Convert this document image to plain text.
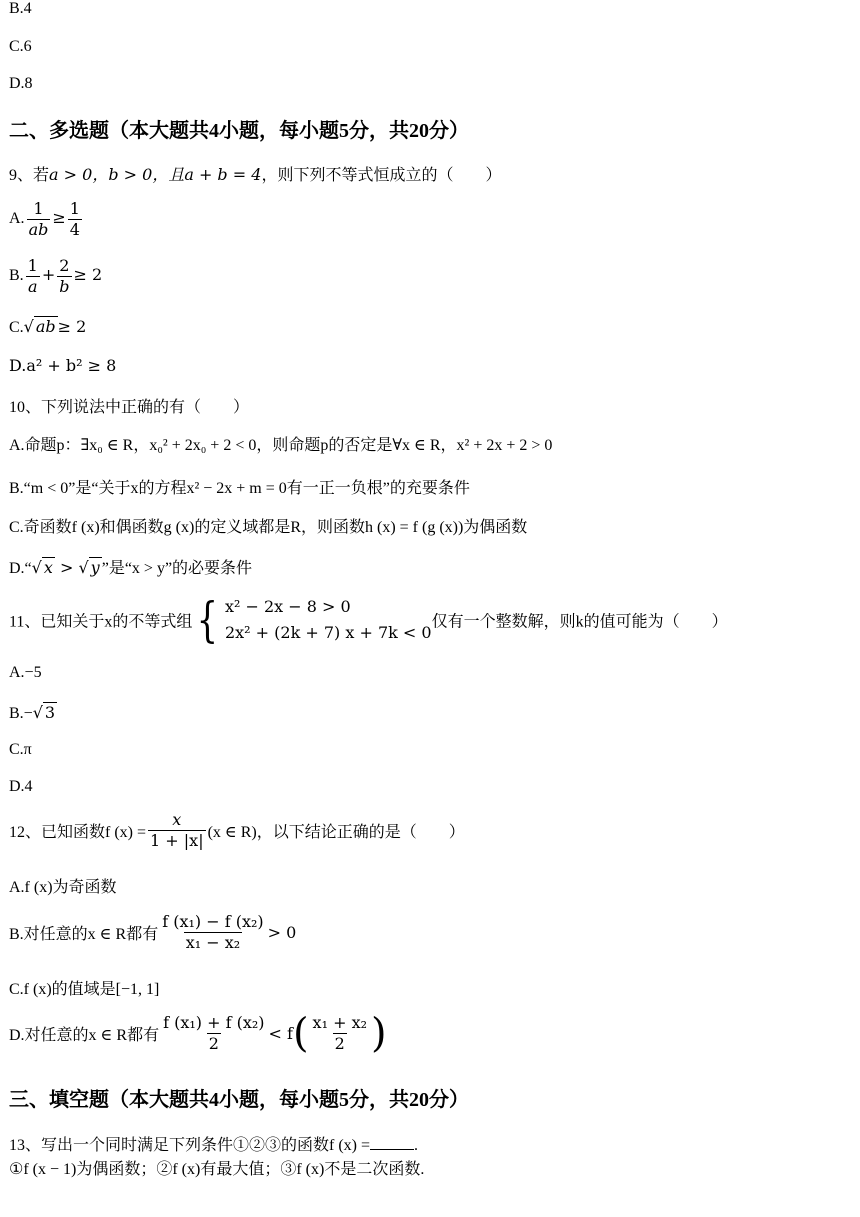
B.4
C.6
D.8
二、多选题（本大题共4小题，每小题5分，共20分）
9、若a > 0，b > 0，且a + b = 4，则下列不等式恒成立的（　　）
A. $\frac{1}{ab} \ge \frac{1}{4}$
B. $\frac{1}{a} + \frac{2}{b} \ge 2$
C.√ ab ≥ 2
D.a² + b² ≥ 8
10、下列说法中正确的有（　　）
A.命题p：∃x₀ ∈ R，x₀² + 2x₀ + 2 < 0，则命题p的否定是∀x ∈ R，x² + 2x + 2 > 0
B.“m < 0”是“关于x的方程x² − 2x + m = 0有一正一负根”的充要条件
C.奇函数f (x)和偶函数g (x)的定义域都是R，则函数h (x) = f (g (x))为偶函数
D.“√ x > √ y ”是“x > y”的必要条件
11、已知关于x的不等式组 { x² − 2x − 8 > 0
2x² + (2k + 7) x + 7k < 0
仅有一个整数解，则k的值可能为（　　）
A.−5
B.−√ 3
C.π
D.4
12、已知函数f $(x) = \frac{x}{1 + |x|} (x$ ∈ R)，以下结论正确的是（　　）
A.f (x)为奇函数
B.对任意的x ∈ R都有 $\frac{\text{f (x₁) − f (x₂)}}{\text{x₁ − x₂}} > 0$
C.f (x)的值域是[−1, 1]
D.对任意的x ∈ R都有 $\frac{\text{f (x₁) + f (x₂)}}{2} < f( \frac{\text{x₁ + x₂}}{2}$ )
三、填空题（本大题共4小题，每小题5分，共20分）
13、写出一个同时满足下列条件①②③的函数f (x) =	.
①f (x − 1)为偶函数；②f (x)有最大值；③f (x)不是二次函数.
